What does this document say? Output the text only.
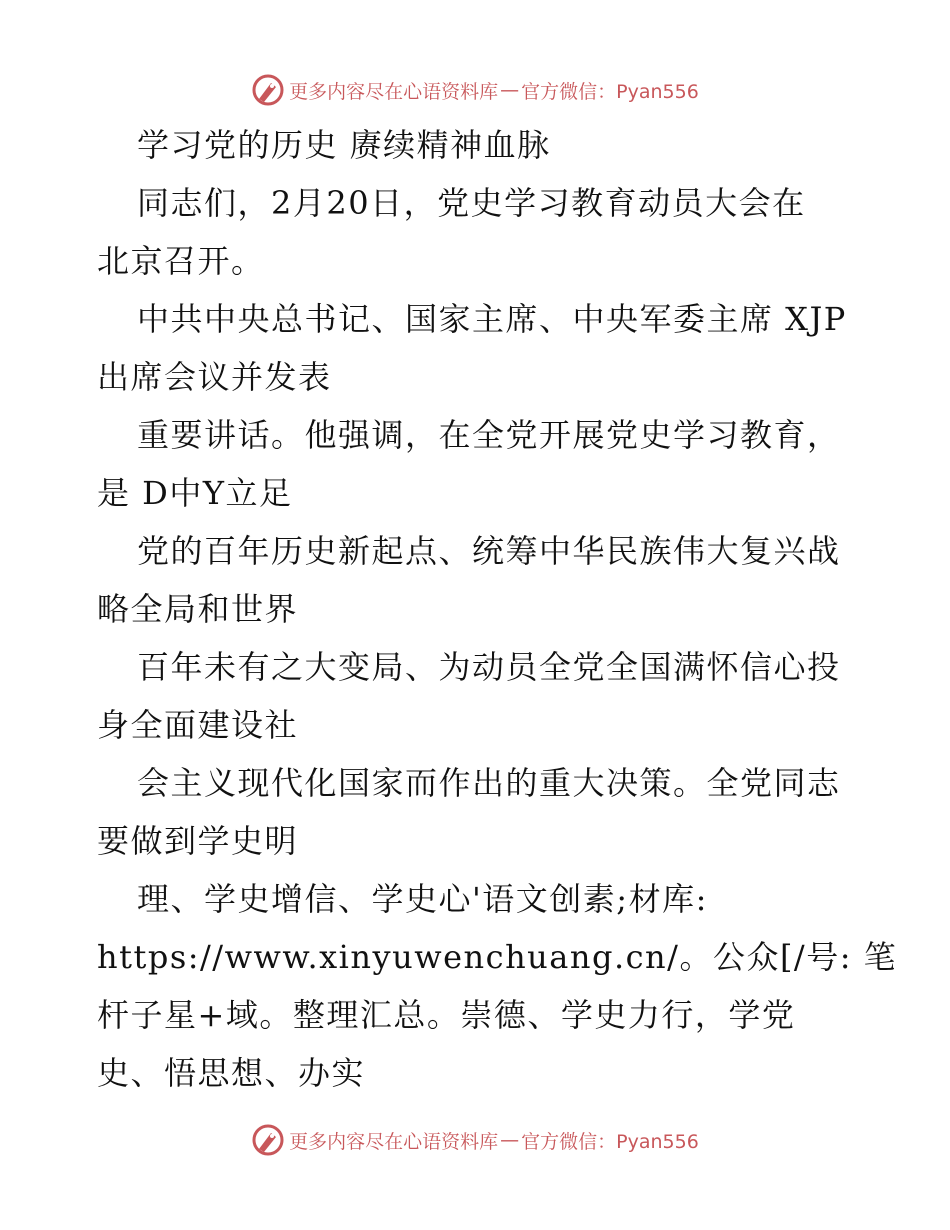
更多内容尽在心语资料库 — 官方微信：Pyan556
学习党的历史 赓续精神血脉
同志们，2月20日，党史学习教育动员大会在
北京召开。
中共中央总书记、国家主席、中央军委主席 XJP
出席会议并发表
重要讲话。他强调，在全党开展党史学习教育，
是 D中Y立足
党的百年历史新起点、统筹中华民族伟大复兴战
略全局和世界
百年未有之大变局、为动员全党全国满怀信心投
身全面建设社
会主义现代化国家而作出的重大决策。全党同志
要做到学史明
理、学史增信、学史心'语文创素;材库:
https://www.xinyuwenchuang.cn/。公众[/号: 笔
杆子星+域。整理汇总。崇德、学史力行，学党
史、悟思想、办实
更多内容尽在心语资料库 — 官方微信：Pyan556
